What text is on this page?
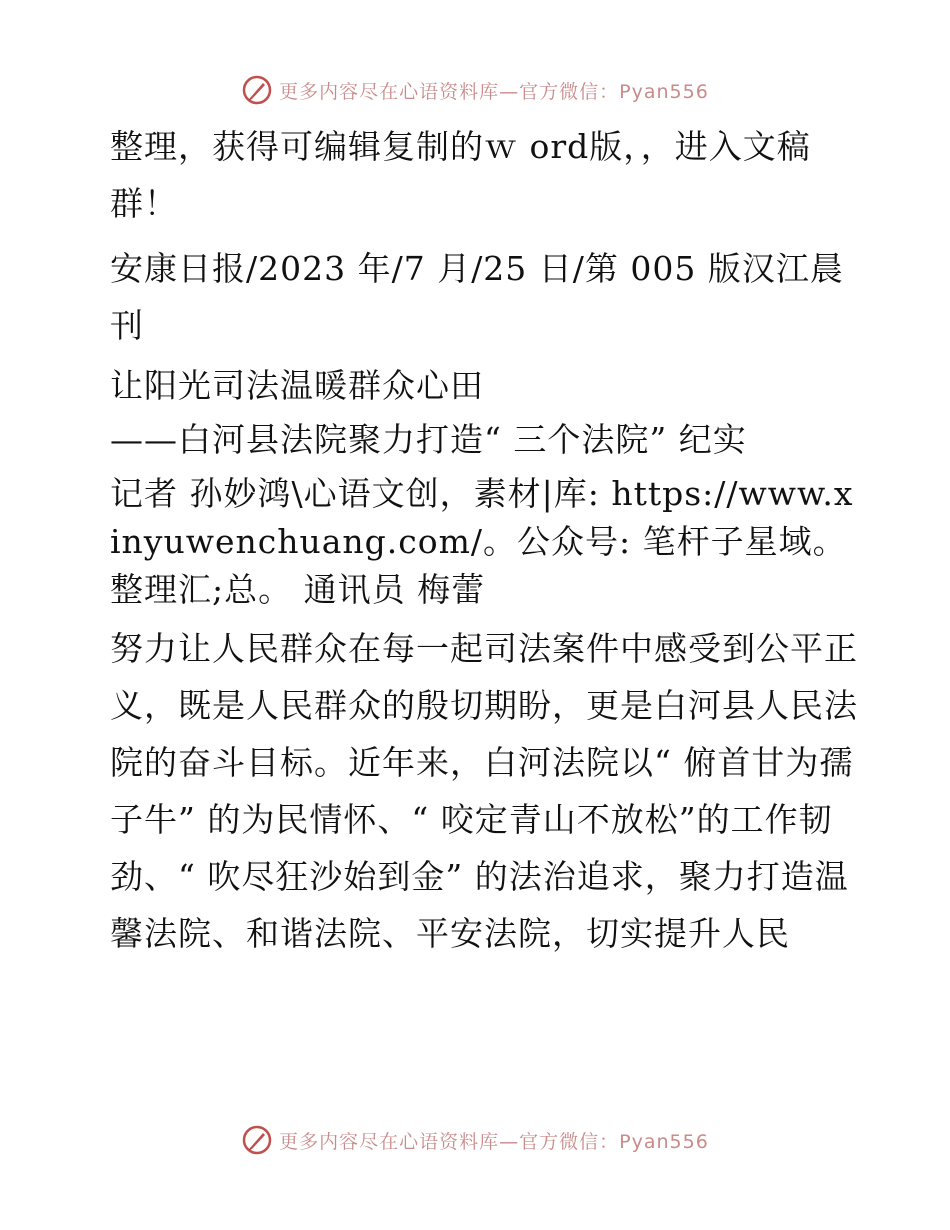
更多内容尽在心语资料库—官方微信：Pyan556

整理，获得可编辑复制的ｗ ord版，，进入文稿群！

安康日报/2023 年/7 月/25 日/第 005 版汉江晨刊

让阳光司法温暖群众心田

——白河县法院聚力打造“ 三个法院” 纪实

记者 孙妙鸿\心语文创，素材|库: https://www.xinyuwenchuang.com/。公众号: 笔杆子星域。整理汇;总。 通讯员 梅蕾

努力让人民群众在每一起司法案件中感受到公平正义，既是人民群众的殷切期盼，更是白河县人民法院的奋斗目标。近年来，白河法院以“ 俯首甘为孺子牛” 的为民情怀、“ 咬定青山不放松”的工作韧劲、“ 吹尽狂沙始到金” 的法治追求，聚力打造温馨法院、和谐法院、平安法院，切实提升人民

更多内容尽在心语资料库—官方微信：Pyan556
